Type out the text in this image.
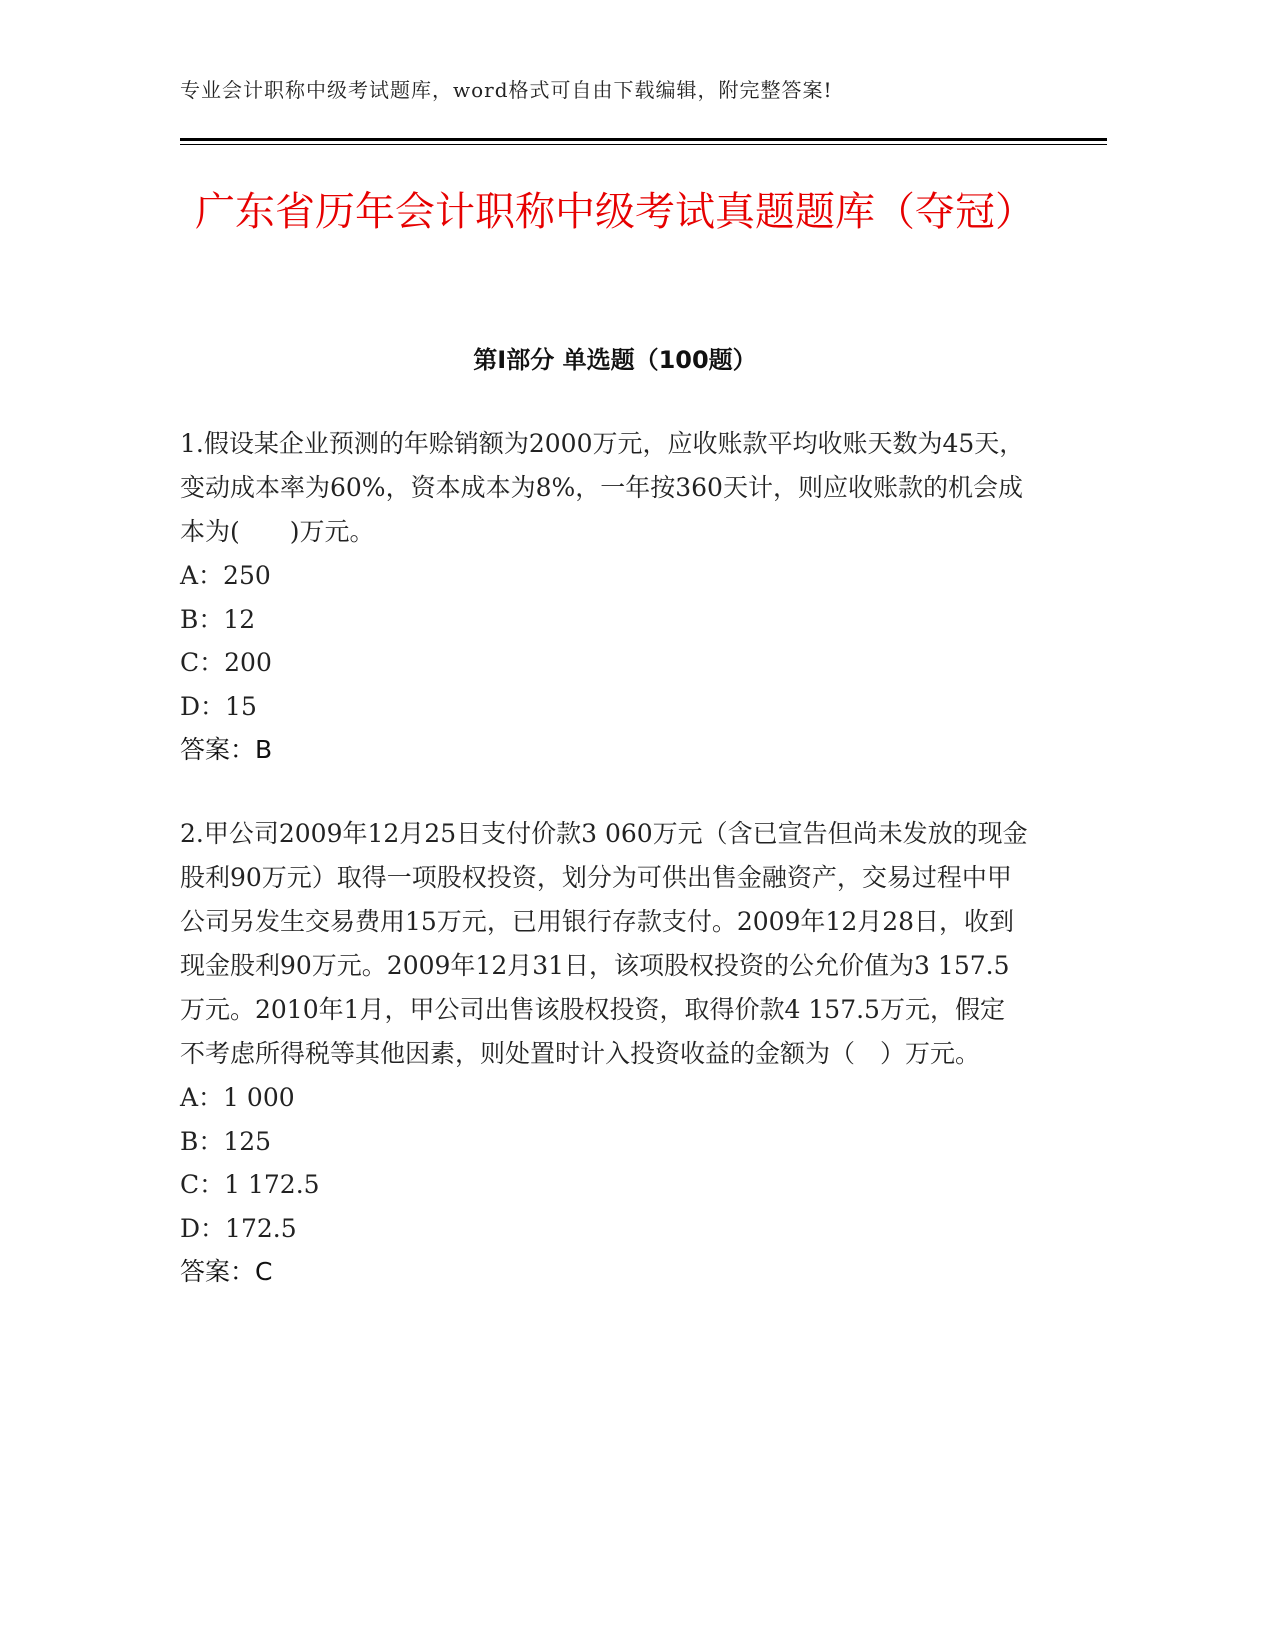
专业会计职称中级考试题库，word格式可自由下载编辑，附完整答案!
广东省历年会计职称中级考试真题题库（夺冠）
第Ⅰ部分 单选题（100题）

1.假设某企业预测的年赊销额为2000万元，应收账款平均收账天数为45天，变动成本率为60%，资本成本为8%，一年按360天计，则应收账款的机会成本为(　　)万元。

A：250

B：12

C：200

D：15

答案：B

2.甲公司2009年12月25日支付价款3 060万元（含已宣告但尚未发放的现金股利90万元）取得一项股权投资，划分为可供出售金融资产，交易过程中甲公司另发生交易费用15万元，已用银行存款支付。2009年12月28日，收到现金股利90万元。2009年12月31日，该项股权投资的公允价值为3 157.5万元。2010年1月，甲公司出售该股权投资，取得价款4 157.5万元，假定不考虑所得税等其他因素，则处置时计入投资收益的金额为（　）万元。

A：1 000

B：125

C：1 172.5

D：172.5

答案：C
